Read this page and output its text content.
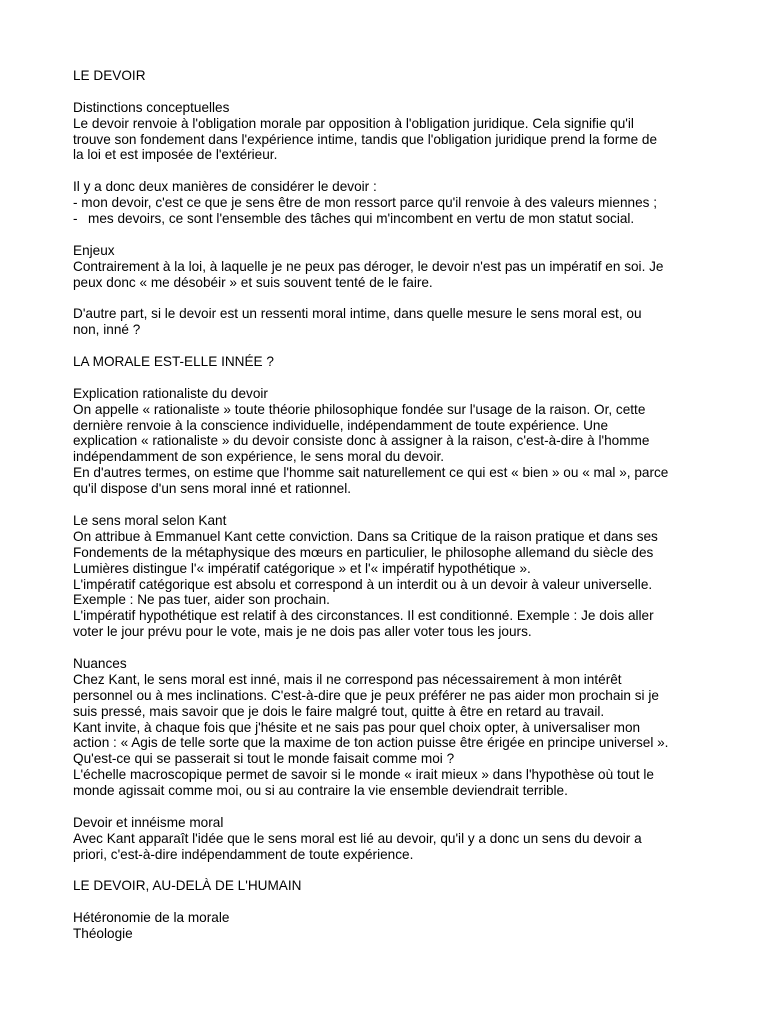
LE DEVOIR
Distinctions conceptuelles
Le devoir renvoie à l'obligation morale par opposition à l'obligation juridique. Cela signifie qu'il
trouve son fondement dans l'expérience intime, tandis que l'obligation juridique prend la forme de
la loi et est imposée de l'extérieur.
Il y a donc deux manières de considérer le devoir :
- mon devoir, c'est ce que je sens être de mon ressort parce qu'il renvoie à des valeurs miennes ;
- mes devoirs, ce sont l'ensemble des tâches qui m'incombent en vertu de mon statut social.
Enjeux
Contrairement à la loi, à laquelle je ne peux pas déroger, le devoir n'est pas un impératif en soi. Je
peux donc « me désobéir » et suis souvent tenté de le faire.
D'autre part, si le devoir est un ressenti moral intime, dans quelle mesure le sens moral est, ou
non, inné ?
LA MORALE EST-ELLE INNÉE ?
Explication rationaliste du devoir
On appelle « rationaliste » toute théorie philosophique fondée sur l'usage de la raison. Or, cette
dernière renvoie à la conscience individuelle, indépendamment de toute expérience. Une
explication « rationaliste » du devoir consiste donc à assigner à la raison, c'est-à-dire à l'homme
indépendamment de son expérience, le sens moral du devoir.
En d'autres termes, on estime que l'homme sait naturellement ce qui est « bien » ou « mal », parce
qu'il dispose d'un sens moral inné et rationnel.
Le sens moral selon Kant
On attribue à Emmanuel Kant cette conviction. Dans sa Critique de la raison pratique et dans ses
Fondements de la métaphysique des mœurs en particulier, le philosophe allemand du siècle des
Lumières distingue l'« impératif catégorique » et l'« impératif hypothétique ».
L'impératif catégorique est absolu et correspond à un interdit ou à un devoir à valeur universelle.
Exemple : Ne pas tuer, aider son prochain.
L'impératif hypothétique est relatif à des circonstances. Il est conditionné. Exemple : Je dois aller
voter le jour prévu pour le vote, mais je ne dois pas aller voter tous les jours.
Nuances
Chez Kant, le sens moral est inné, mais il ne correspond pas nécessairement à mon intérêt
personnel ou à mes inclinations. C'est-à-dire que je peux préférer ne pas aider mon prochain si je
suis pressé, mais savoir que je dois le faire malgré tout, quitte à être en retard au travail.
Kant invite, à chaque fois que j'hésite et ne sais pas pour quel choix opter, à universaliser mon
action : « Agis de telle sorte que la maxime de ton action puisse être érigée en principe universel ».
Qu'est-ce qui se passerait si tout le monde faisait comme moi ?
L'échelle macroscopique permet de savoir si le monde « irait mieux » dans l'hypothèse où tout le
monde agissait comme moi, ou si au contraire la vie ensemble deviendrait terrible.
Devoir et innéisme moral
Avec Kant apparaît l'idée que le sens moral est lié au devoir, qu'il y a donc un sens du devoir a
priori, c'est-à-dire indépendamment de toute expérience.
LE DEVOIR, AU-DELÀ DE L'HUMAIN
Hétéronomie de la morale
Théologie
